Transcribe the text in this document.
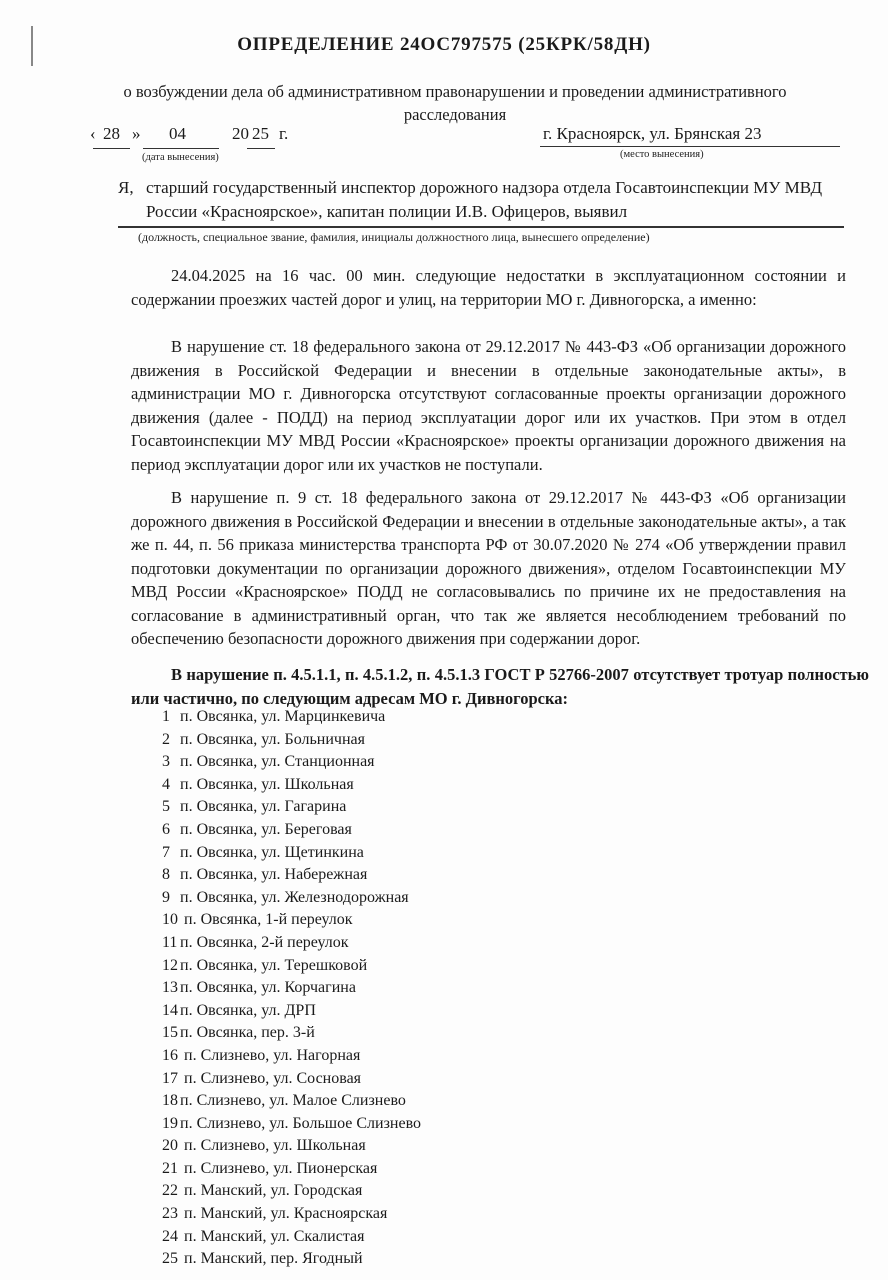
ОПРЕДЕЛЕНИЕ 24ОС797575 (25КРК/58ДН)
о возбуждении дела об административном правонарушении и проведении административного
расследования
‹ 28 » 04	20 25 г.
(дата вынесения)
г. Красноярск, ул. Брянская 23
(место вынесения)
Я, старший государственный инспектор дорожного надзора отдела Госавтоинспекции МУ МВД России «Красноярское», капитан полиции И.В. Офицеров, выявил
(должность, специальное звание, фамилия, инициалы должностного лица, вынесшего определение)
24.04.2025 на 16 час. 00 мин. следующие недостатки в эксплуатационном состоянии и содержании проезжих частей дорог и улиц, на территории МО г. Дивногорска, а именно:
В нарушение ст. 18 федерального закона от 29.12.2017 № 443-ФЗ «Об организации дорожного движения в Российской Федерации и внесении в отдельные законодательные акты», в администрации МО г. Дивногорска отсутствуют согласованные проекты организации дорожного движения (далее - ПОДД) на период эксплуатации дорог или их участков. При этом в отдел Госавтоинспекции МУ МВД России «Красноярское» проекты организации дорожного движения на период эксплуатации дорог или их участков не поступали.
В нарушение п. 9 ст. 18 федерального закона от 29.12.2017 № 443-ФЗ «Об организации дорожного движения в Российской Федерации и внесении в отдельные законодательные акты», а так же п. 44, п. 56 приказа министерства транспорта РФ от 30.07.2020 № 274 «Об утверждении правил подготовки документации по организации дорожного движения», отделом Госавтоинспекции МУ МВД России «Красноярское» ПОДД не согласовывались по причине их не предоставления на согласование в административный орган, что так же является несоблюдением требований по обеспечению безопасности дорожного движения при содержании дорог.
В нарушение п. 4.5.1.1, п. 4.5.1.2, п. 4.5.1.3 ГОСТ Р 52766-2007 отсутствует тротуар полностью или частично, по следующим адресам МО г. Дивногорска:
1 п. Овсянка, ул. Марцинкевича
2 п. Овсянка, ул. Больничная
3 п. Овсянка, ул. Станционная
4 п. Овсянка, ул. Школьная
5 п. Овсянка, ул. Гагарина
6 п. Овсянка, ул. Береговая
7 п. Овсянка, ул. Щетинкина
8 п. Овсянка, ул. Набережная
9 п. Овсянка, ул. Железнодорожная
10 п. Овсянка, 1-й переулок
11 п. Овсянка, 2-й переулок
12 п. Овсянка, ул. Терешковой
13 п. Овсянка, ул. Корчагина
14 п. Овсянка, ул. ДРП
15 п. Овсянка, пер. 3-й
16 п. Слизнево, ул. Нагорная
17 п. Слизнево, ул. Сосновая
18 п. Слизнево, ул. Малое Слизнево
19 п. Слизнево, ул. Большое Слизнево
20 п. Слизнево, ул. Школьная
21 п. Слизнево, ул. Пионерская
22 п. Манский, ул. Городская
23 п. Манский, ул. Красноярская
24 п. Манский, ул. Скалистая
25 п. Манский, пер. Ягодный
